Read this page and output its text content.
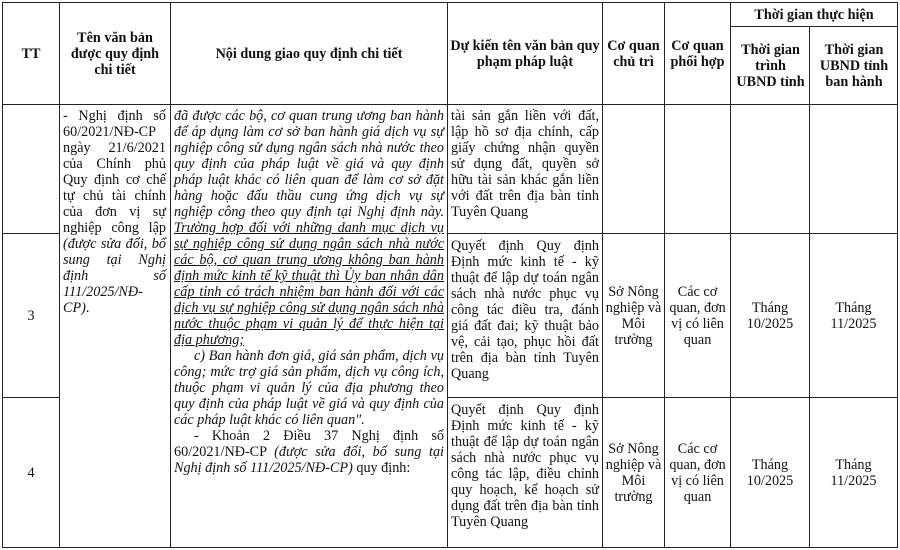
TT
Tên văn bản được quy định chi tiết
Nội dung giao quy định chi tiết	Dự kiến tên văn bản quy phạm pháp luật
Cơ quan chủ trì
Cơ quan phối hợp
Thời gian thực hiện
Thời gian trình UBND tỉnh
Thời gian UBND tỉnh ban hành

- Nghị định số 60/2021/NĐ-CP ngày 21/6/2021 của Chính phủ Quy định cơ chế tự chủ tài chính của đơn vị sự nghiệp công lập (được sửa đổi, bổ sung tại Nghị định số 111/2025/NĐ-CP).

đã được các bộ, cơ quan trung ương ban hành để áp dụng làm cơ sở ban hành giá dịch vụ sự nghiệp công sử dụng ngân sách nhà nước theo quy định của pháp luật về giá và quy định pháp luật khác có liên quan để làm cơ sở đặt hàng hoặc đấu thầu cung ứng dịch vụ sự nghiệp công theo quy định tại Nghị định này. Trường hợp đối với những danh mục dịch vụ sự nghiệp công sử dụng ngân sách nhà nước các bộ, cơ quan trung ương không ban hành định mức kinh tế kỹ thuật thì Ủy ban nhân dân cấp tỉnh có trách nhiệm ban hành đối với các dịch vụ sự nghiệp công sử dụng ngân sách nhà nước thuộc phạm vi quản lý để thực hiện tại địa phương;

c) Ban hành đơn giá, giá sản phẩm, dịch vụ công; mức trợ giá sản phẩm, dịch vụ công ích, thuộc phạm vi quản lý của địa phương theo quy định của pháp luật về giá và quy định của các pháp luật khác có liên quan".

- Khoản 2 Điều 37 Nghị định số 60/2021/NĐ-CP (được sửa đổi, bổ sung tại Nghị định số 111/2025/NĐ-CP) quy định:

tài sản gắn liền với đất, lập hồ sơ địa chính, cấp giấy chứng nhận quyền sử dụng đất, quyền sở hữu tài sản khác gắn liền với đất trên địa bàn tỉnh Tuyên Quang
3
Quyết định Quy định Định mức kinh tế - kỹ thuật để lập dự toán ngân sách nhà nước phục vụ công tác điều tra, đánh giá đất đai; kỹ thuật bảo vệ, cải tạo, phục hồi đất trên địa bàn tỉnh Tuyên Quang
Sở Nông nghiệp và Môi trường
Các cơ quan, đơn vị có liên quan
Tháng 10/2025
Tháng 11/2025
4
Quyết định Quy định Định mức kinh tế - kỹ thuật để lập dự toán ngân sách nhà nước phục vụ công tác lập, điều chỉnh quy hoạch, kế hoạch sử dụng đất trên địa bàn tỉnh Tuyên Quang
Sở Nông nghiệp và Môi trường
Các cơ quan, đơn vị có liên quan
Tháng 10/2025
Tháng 11/2025
